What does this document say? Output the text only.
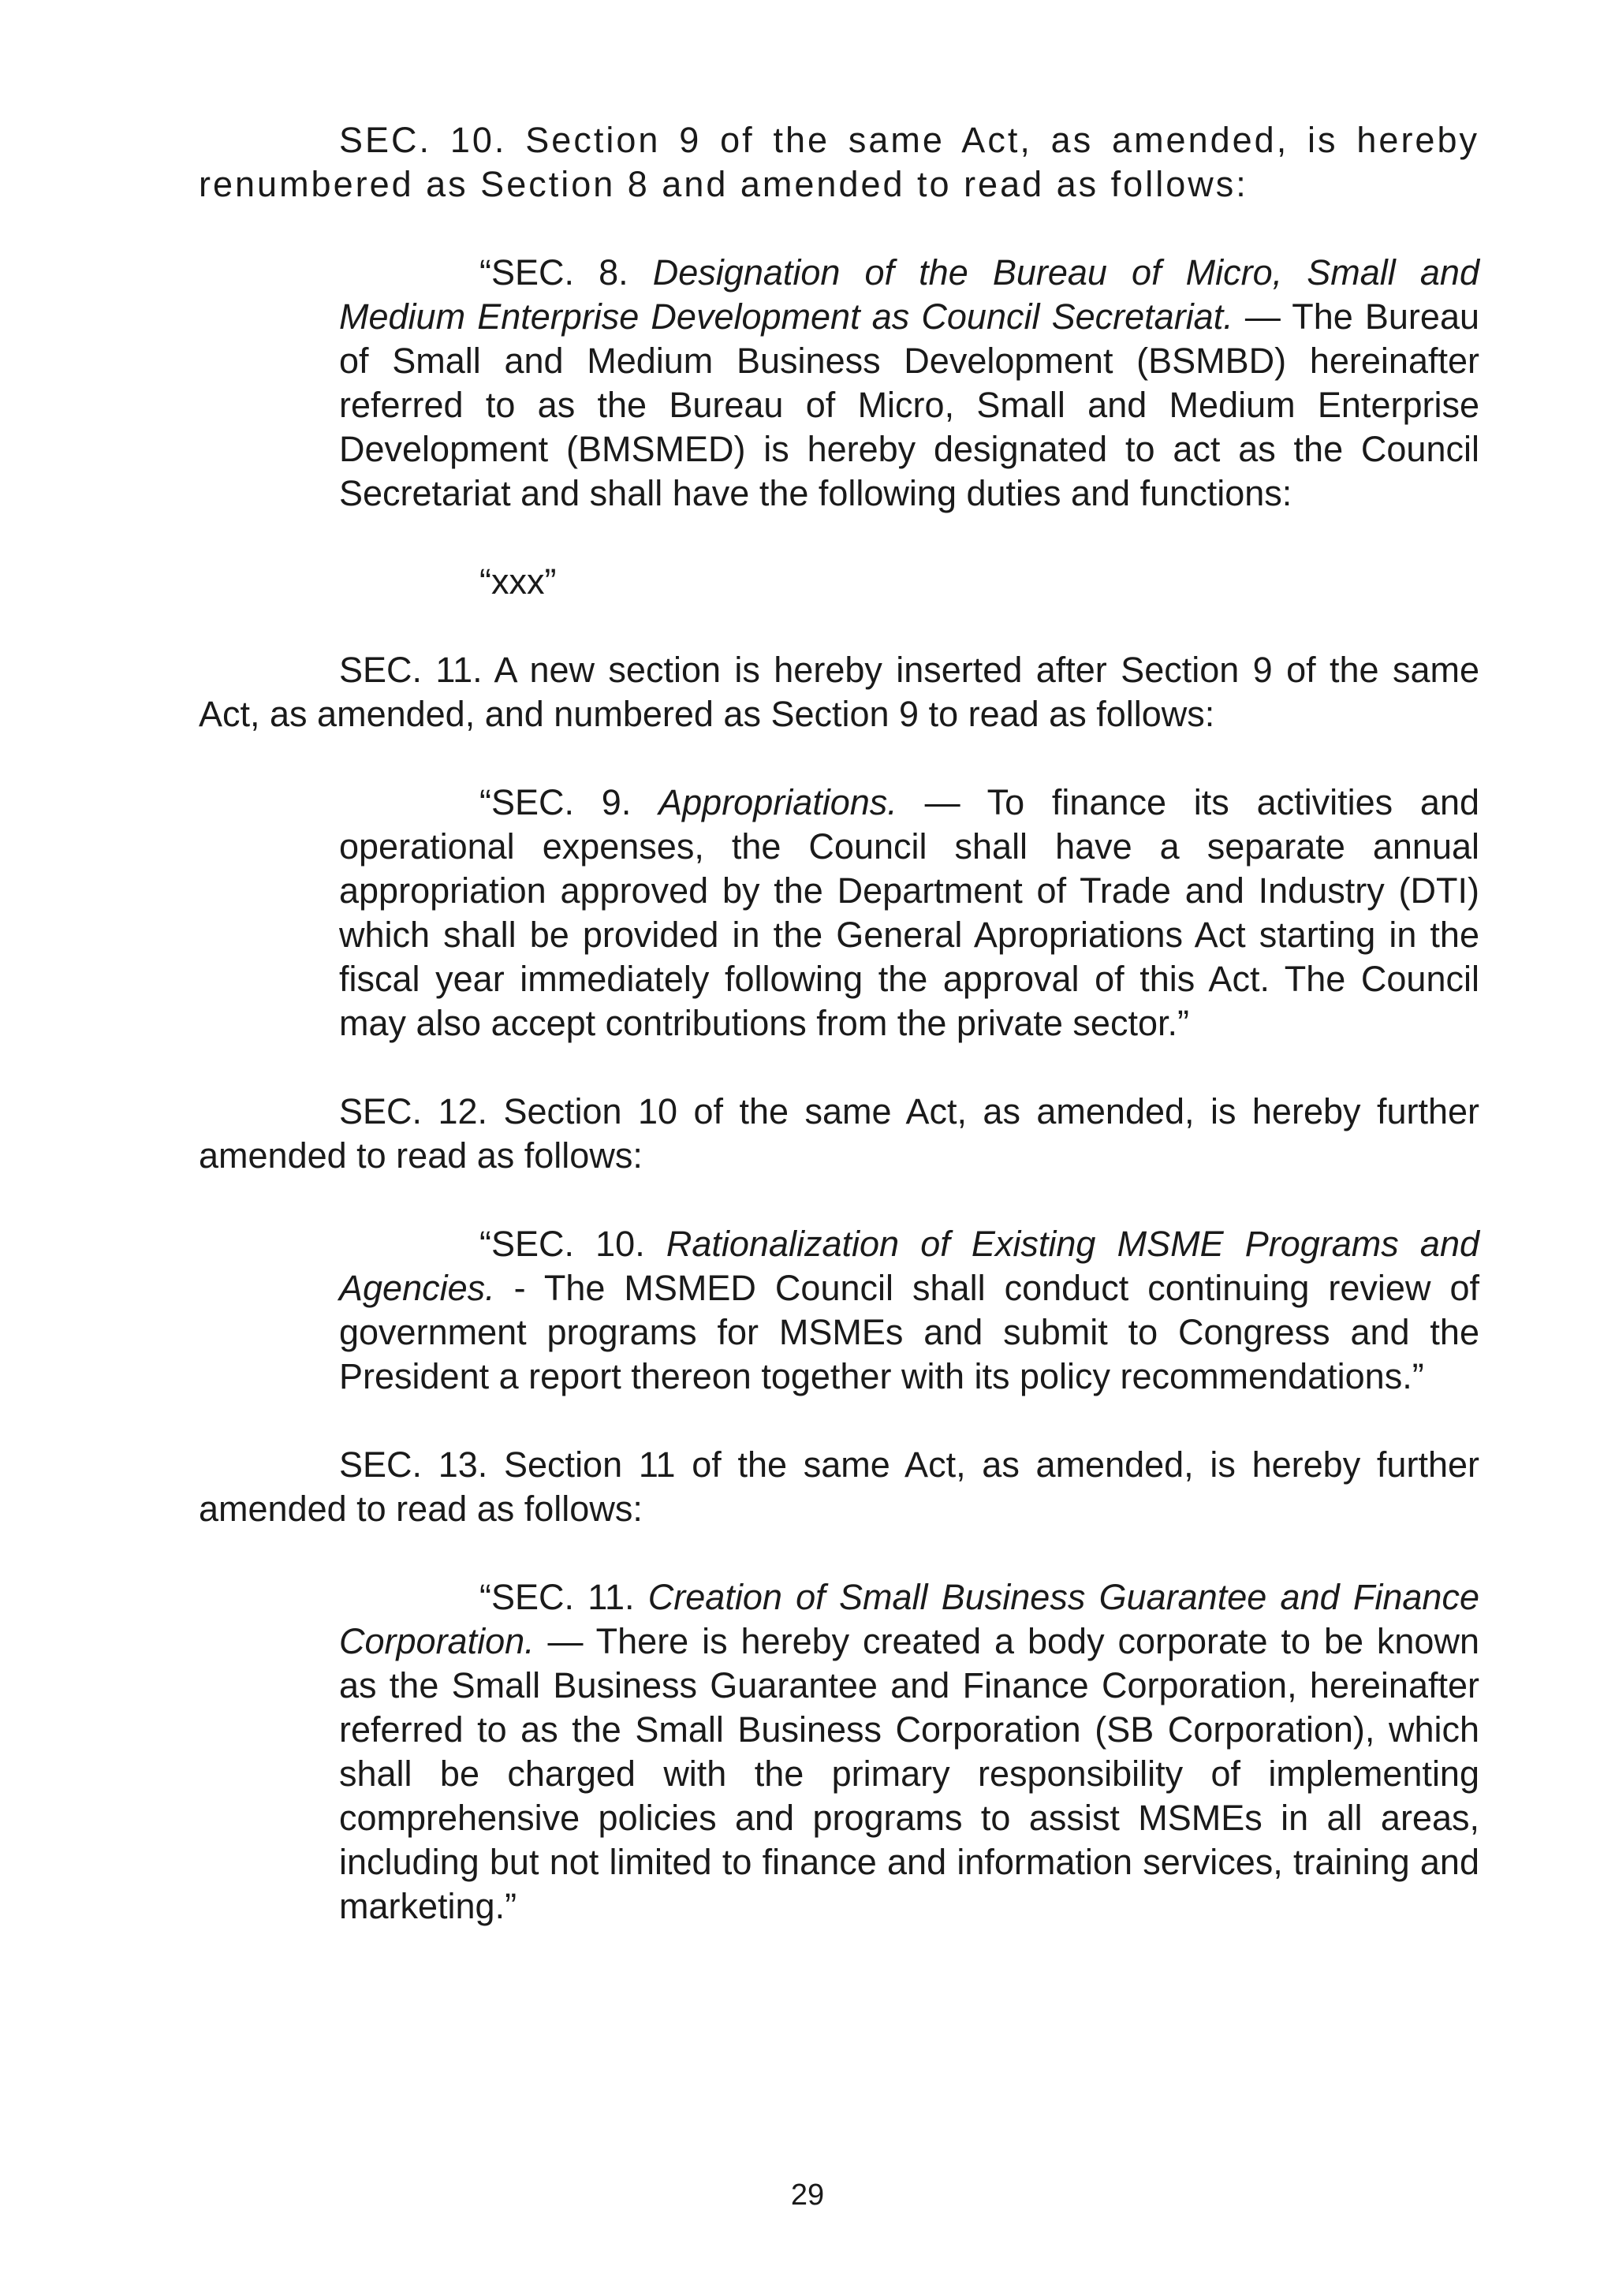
SEC. 10. Section 9 of the same Act, as amended, is hereby renumbered as Section 8 and amended to read as follows:

“SEC. 8. Designation of the Bureau of Micro, Small and Medium Enterprise Development as Council Secretariat. — The Bureau of Small and Medium Business Development (BSMBD) hereinafter referred to as the Bureau of Micro, Small and Medium Enterprise Development (BMSMED) is hereby designated to act as the Council Secretariat and shall have the following duties and functions:

“xxx”

SEC. 11. A new section is hereby inserted after Section 9 of the same Act, as amended, and numbered as Section 9 to read as follows:

“SEC. 9. Appropriations. — To finance its activities and operational expenses, the Council shall have a separate annual appropriation approved by the Department of Trade and Industry (DTI) which shall be provided in the General Apropriations Act starting in the fiscal year immediately following the approval of this Act. The Council may also accept contributions from the private sector.”

SEC. 12. Section 10 of the same Act, as amended, is hereby further amended to read as follows:

“SEC. 10. Rationalization of Existing MSME Programs and Agencies. - The MSMED Council shall conduct continuing review of government programs for MSMEs and submit to Congress and the President a report thereon together with its policy recommendations.”

SEC. 13. Section 11 of the same Act, as amended, is hereby further amended to read as follows:

“SEC. 11. Creation of Small Business Guarantee and Finance Corporation. — There is hereby created a body corporate to be known as the Small Business Guarantee and Finance Corporation, hereinafter referred to as the Small Business Corporation (SB Corporation), which shall be charged with the primary responsibility of implementing comprehensive policies and programs to assist MSMEs in all areas, including but not limited to finance and information services, training and marketing.”

29
